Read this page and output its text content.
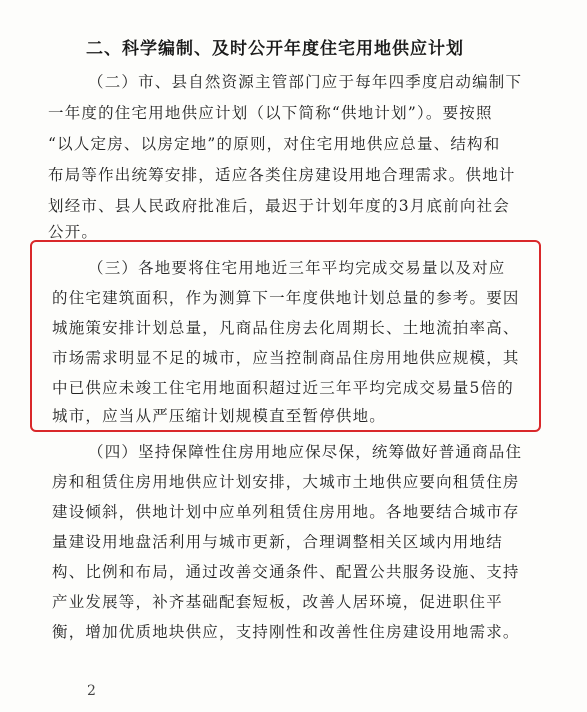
二、科学编制、及时公开年度住宅用地供应计划
（二）市、县自然资源主管部门应于每年四季度启动编制下
一年度的住宅用地供应计划（以下简称“供地计划”）。要按照
“以人定房、以房定地”的原则，对住宅用地供应总量、结构和
布局等作出统筹安排，适应各类住房建设用地合理需求。供地计
划经市、县人民政府批准后，最迟于计划年度的3月底前向社会
公开。
（三）各地要将住宅用地近三年平均完成交易量以及对应
的住宅建筑面积，作为测算下一年度供地计划总量的参考。要因
城施策安排计划总量，凡商品住房去化周期长、土地流拍率高、
市场需求明显不足的城市，应当控制商品住房用地供应规模，其
中已供应未竣工住宅用地面积超过近三年平均完成交易量5倍的
城市，应当从严压缩计划规模直至暂停供地。
（四）坚持保障性住房用地应保尽保，统筹做好普通商品住
房和租赁住房用地供应计划安排，大城市土地供应要向租赁住房
建设倾斜，供地计划中应单列租赁住房用地。各地要结合城市存
量建设用地盘活利用与城市更新，合理调整相关区域内用地结
构、比例和布局，通过改善交通条件、配置公共服务设施、支持
产业发展等，补齐基础配套短板，改善人居环境，促进职住平
衡，增加优质地块供应，支持刚性和改善性住房建设用地需求。
2
